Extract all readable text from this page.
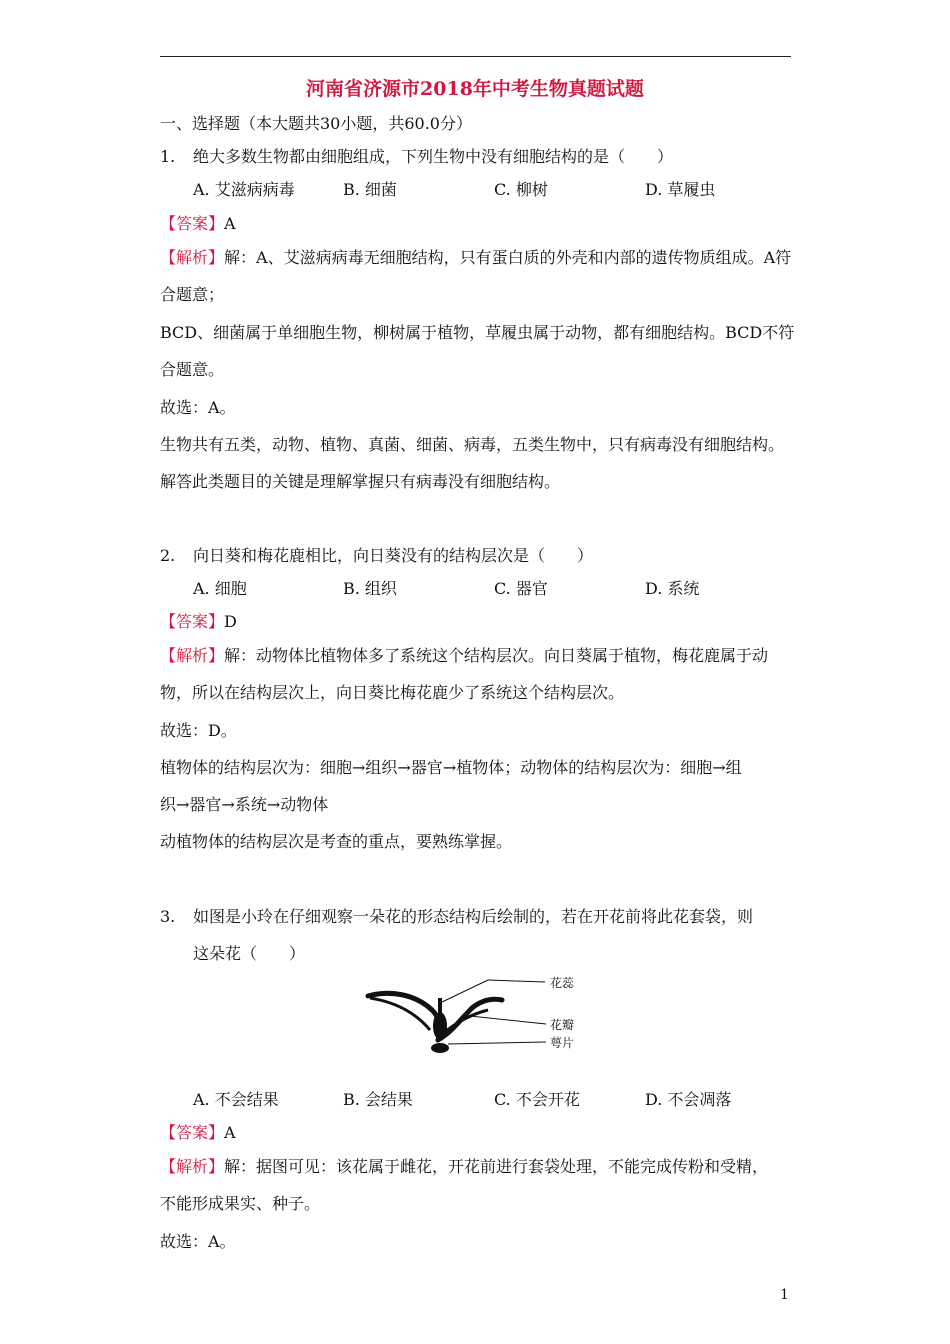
河南省济源市2018年中考生物真题试题
一、选择题（本大题共30小题，共60.0分）
1. 绝大多数生物都由细胞组成，下列生物中没有细胞结构的是（　　）
A. 艾滋病病毒	B. 细菌	C. 柳树	D. 草履虫
【答案】A
【解析】解：A、艾滋病病毒无细胞结构，只有蛋白质的外壳和内部的遗传物质组成。A符
合题意；
BCD、细菌属于单细胞生物，柳树属于植物，草履虫属于动物，都有细胞结构。BCD不符
合题意。
故选：A。
生物共有五类，动物、植物、真菌、细菌、病毒，五类生物中，只有病毒没有细胞结构。
解答此类题目的关键是理解掌握只有病毒没有细胞结构。
2. 向日葵和梅花鹿相比，向日葵没有的结构层次是（　　）
A. 细胞	B. 组织	C. 器官	D. 系统
【答案】D
【解析】解：动物体比植物体多了系统这个结构层次。向日葵属于植物，梅花鹿属于动
物，所以在结构层次上，向日葵比梅花鹿少了系统这个结构层次。
故选：D。
植物体的结构层次为：细胞→组织→器官→植物体；动物体的结构层次为：细胞→组
织→器官→系统→动物体
动植物体的结构层次是考查的重点，要熟练掌握。
3. 如图是小玲在仔细观察一朵花的形态结构后绘制的，若在开花前将此花套袋，则
这朵花（　　）
花蕊
花瓣
萼片
A. 不会结果	B. 会结果	C. 不会开花	D. 不会凋落
【答案】A
【解析】解：据图可见：该花属于雌花，开花前进行套袋处理，不能完成传粉和受精，
不能形成果实、种子。
故选：A。
1
